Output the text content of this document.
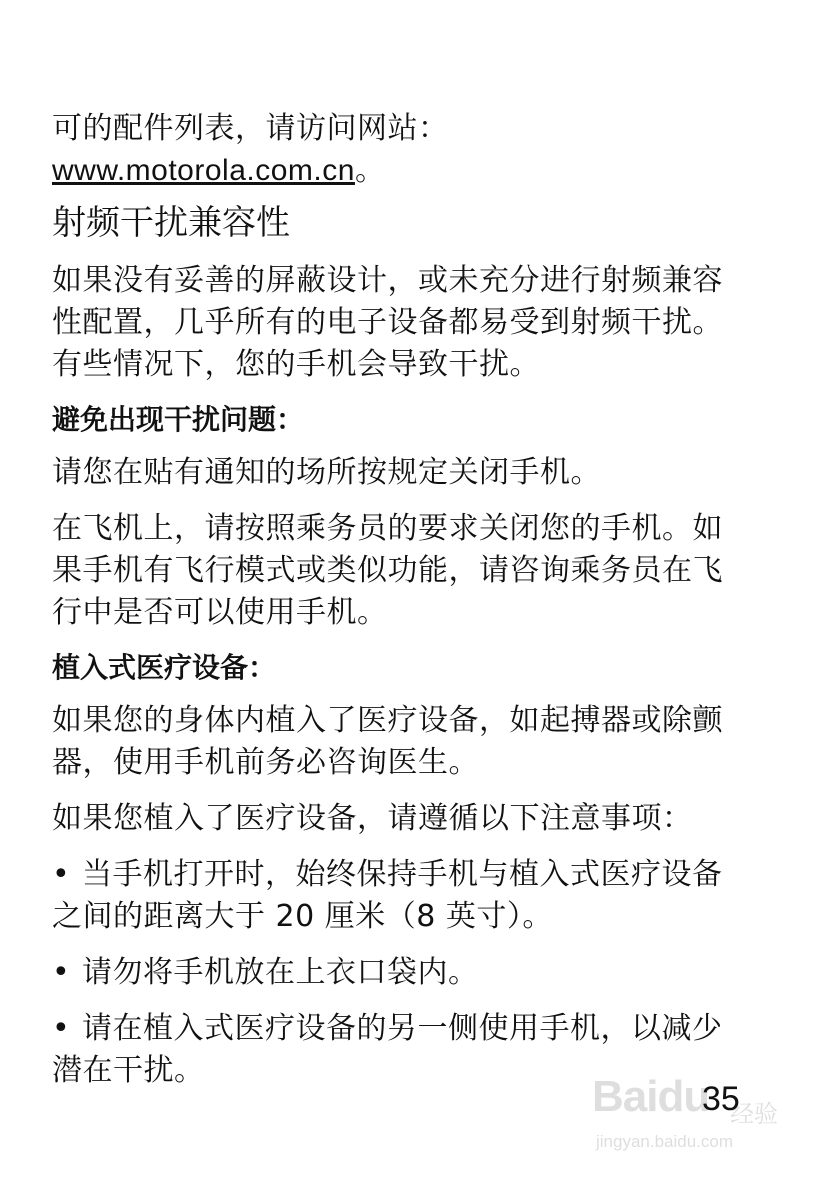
可的配件列表，请访问网站：

www.motorola.com.cn。

射频干扰兼容性

如果没有妥善的屏蔽设计，或未充分进行射频兼容性配置，几乎所有的电子设备都易受到射频干扰。有些情况下，您的手机会导致干扰。

避免出现干扰问题：

请您在贴有通知的场所按规定关闭手机。

在飞机上，请按照乘务员的要求关闭您的手机。如果手机有飞行模式或类似功能，请咨询乘务员在飞行中是否可以使用手机。

植入式医疗设备：

如果您的身体内植入了医疗设备，如起搏器或除颤器，使用手机前务必咨询医生。

如果您植入了医疗设备，请遵循以下注意事项：

• 当手机打开时，始终保持手机与植入式医疗设备之间的距离大于 20 厘米（8 英寸）。

• 请勿将手机放在上衣口袋内。

• 请在植入式医疗设备的另一侧使用手机，以减少潜在干扰。

Baidu 经验
jingyan.baidu.com
35
